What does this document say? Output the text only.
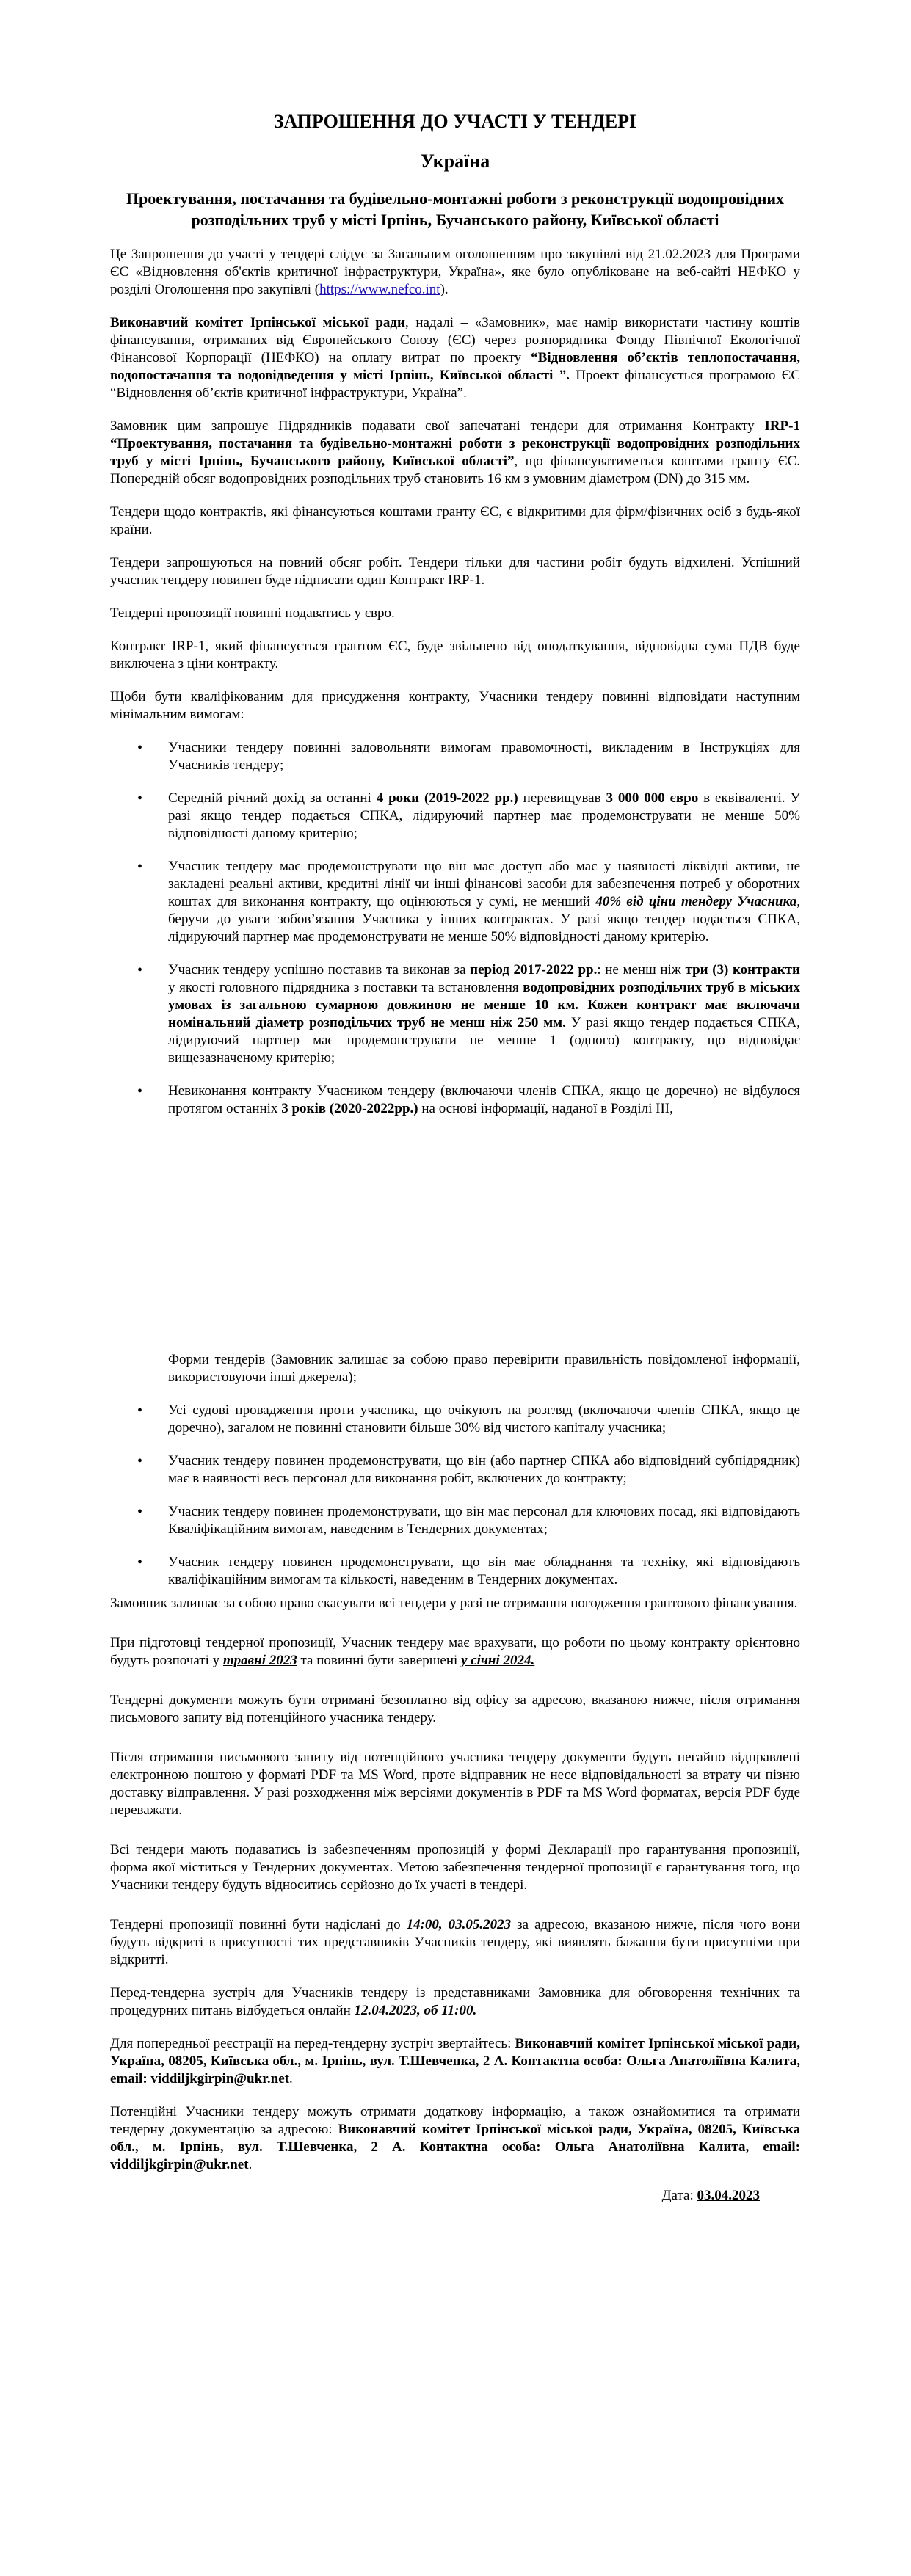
ЗАПРОШЕННЯ ДО УЧАСТІ У ТЕНДЕРІ
Україна
Проектування, постачання та будівельно-монтажні роботи з реконструкції водопровідних розподільних труб у місті Ірпінь, Бучанського району, Київської області

Це Запрошення до участі у тендері слідує за Загальним оголошенням про закупівлі від 21.02.2023 для Програми ЄС «Відновлення об'єктів критичної інфраструктури, Україна», яке було опубліковане на веб-сайті НЕФКО у розділі Оголошення про закупівлі (https://www.nefco.int).

Виконавчий комітет Ірпінської міської ради, надалі – «Замовник», має намір використати частину коштів фінансування, отриманих від Європейського Союзу (ЄС) через розпорядника Фонду Північної Екологічної Фінансової Корпорації (НЕФКО) на оплату витрат по проекту “Відновлення об’єктів теплопостачання, водопостачання та водовідведення у місті Ірпінь, Київської області ”. Проект фінансується програмою ЄС “Відновлення об’єктів критичної інфраструктури, Україна”.

Замовник цим запрошує Підрядників подавати свої запечатані тендери для отримання Контракту IRP-1 “Проектування, постачання та будівельно-монтажні роботи з реконструкції водопровідних розподільних труб у місті Ірпінь, Бучанського району, Київської області”, що фінансуватиметься коштами гранту ЄС. Попередній обсяг водопровідних розподільних труб становить 16 км з умовним діаметром (DN) до 315 мм.

Тендери щодо контрактів, які фінансуються коштами гранту ЄС, є відкритими для фірм/фізичних осіб з будь-якої країни.

Тендери запрошуються на повний обсяг робіт. Тендери тільки для частини робіт будуть відхилені. Успішний учасник тендеру повинен буде підписати один Контракт IRP-1.

Тендерні пропозиції повинні подаватись у євро.

Контракт IRP-1, який фінансується грантом ЄС, буде звільнено від оподаткування, відповідна сума ПДВ буде виключена з ціни контракту.

Щоби бути кваліфікованим для присудження контракту, Учасники тендеру повинні відповідати наступним мінімальним вимогам:

• Учасники тендеру повинні задовольняти вимогам правомочності, викладеним в Інструкціях для Учасників тендеру;
• Середній річний дохід за останні 4 роки (2019-2022 рр.) перевищував 3 000 000 євро в еквіваленті. У разі якщо тендер подається СПКА, лідируючий партнер має продемонструвати не менше 50% відповідності даному критерію;
• Учасник тендеру має продемонструвати що він має доступ або має у наявності ліквідні активи, не закладені реальні активи, кредитні лінії чи інші фінансові засоби для забезпечення потреб у оборотних коштах для виконання контракту, що оцінюються у сумі, не менший 40% від ціни тендеру Учасника, беручи до уваги зобов’язання Учасника у інших контрактах. У разі якщо тендер подається СПКА, лідируючий партнер має продемонструвати не менше 50% відповідності даному критерію.
• Учасник тендеру успішно поставив та виконав за період 2017-2022 рр.: не менш ніж три (3) контракти у якості головного підрядника з поставки та встановлення водопровідних розподільчих труб в міських умовах із загальною сумарною довжиною не менше 10 км. Кожен контракт має включачи номінальний діаметр розподільчих труб не менш ніж 250 мм. У разі якщо тендер подається СПКА, лідируючий партнер має продемонструвати не менше 1 (одного) контракту, що відповідає вищезазначеному критерію;
• Невиконання контракту Учасником тендеру (включаючи членів СПКА, якщо це доречно) не відбулося протягом останніх 3 років (2020-2022рр.) на основі інформації, наданої в Розділі III,
Форми тендерів (Замовник залишає за собою право перевірити правильність повідомленої інформації, використовуючи інші джерела);
• Усі судові провадження проти учасника, що очікують на розгляд (включаючи членів СПКА, якщо це доречно), загалом не повинні становити більше 30% від чистого капіталу учасника;
• Учасник тендеру повинен продемонструвати, що він (або партнер СПКА або відповідний субпідрядник) має в наявності весь персонал для виконання робіт, включених до контракту;
• Учасник тендеру повинен продемонструвати, що він має персонал для ключових посад, які відповідають Кваліфікаційним вимогам, наведеним в Тендерних документах;
• Учасник тендеру повинен продемонструвати, що він має обладнання та техніку, які відповідають кваліфікаційним вимогам та кількості, наведеним в Тендерних документах.

Замовник залишає за собою право скасувати всі тендери у разі не отримання погодження грантового фінансування.

При підготовці тендерної пропозиції, Учасник тендеру має врахувати, що роботи по цьому контракту орієнтовно будуть розпочаті у травні 2023 та повинні бути завершені у січні 2024.

Тендерні документи можуть бути отримані безоплатно від офісу за адресою, вказаною нижче, після отримання письмового запиту від потенційного учасника тендеру.

Після отримання письмового запиту від потенційного учасника тендеру документи будуть негайно відправлені електронною поштою у форматі PDF та MS Word, проте відправник не несе відповідальності за втрату чи пізню доставку відправлення. У разі розходження між версіями документів в PDF та MS Word форматах, версія PDF буде переважати.

Всі тендери мають подаватись із забезпеченням пропозицій у формі Декларації про гарантування пропозиції, форма якої міститься у Тендерних документах. Метою забезпечення тендерної пропозиції є гарантування того, що Учасники тендеру будуть відноситись серйозно до їх участі в тендері.

Тендерні пропозиції повинні бути надіслані до 14:00, 03.05.2023 за адресою, вказаною нижче, після чого вони будуть відкриті в присутності тих представників Учасників тендеру, які виявлять бажання бути присутніми при відкритті.

Перед-тендерна зустріч для Учасників тендеру із представниками Замовника для обговорення технічних та процедурних питань відбудеться онлайн 12.04.2023, об 11:00.

Для попередньої реєстрації на перед-тендерну зустріч звертайтесь: Виконавчий комітет Ірпінської міської ради, Україна, 08205, Київська обл., м. Ірпінь, вул. Т.Шевченка, 2 А. Контактна особа: Ольга Анатоліївна Калита, email: viddiljkgirpin@ukr.net.

Потенційні Учасники тендеру можуть отримати додаткову інформацію, а також ознайомитися та отримати тендерну документацію за адресою: Виконавчий комітет Ірпінської міської ради, Україна, 08205, Київська обл., м. Ірпінь, вул. Т.Шевченка, 2 А. Контактна особа: Ольга Анатоліївна Калита, email: viddiljkgirpin@ukr.net.

Дата: 03.04.2023
